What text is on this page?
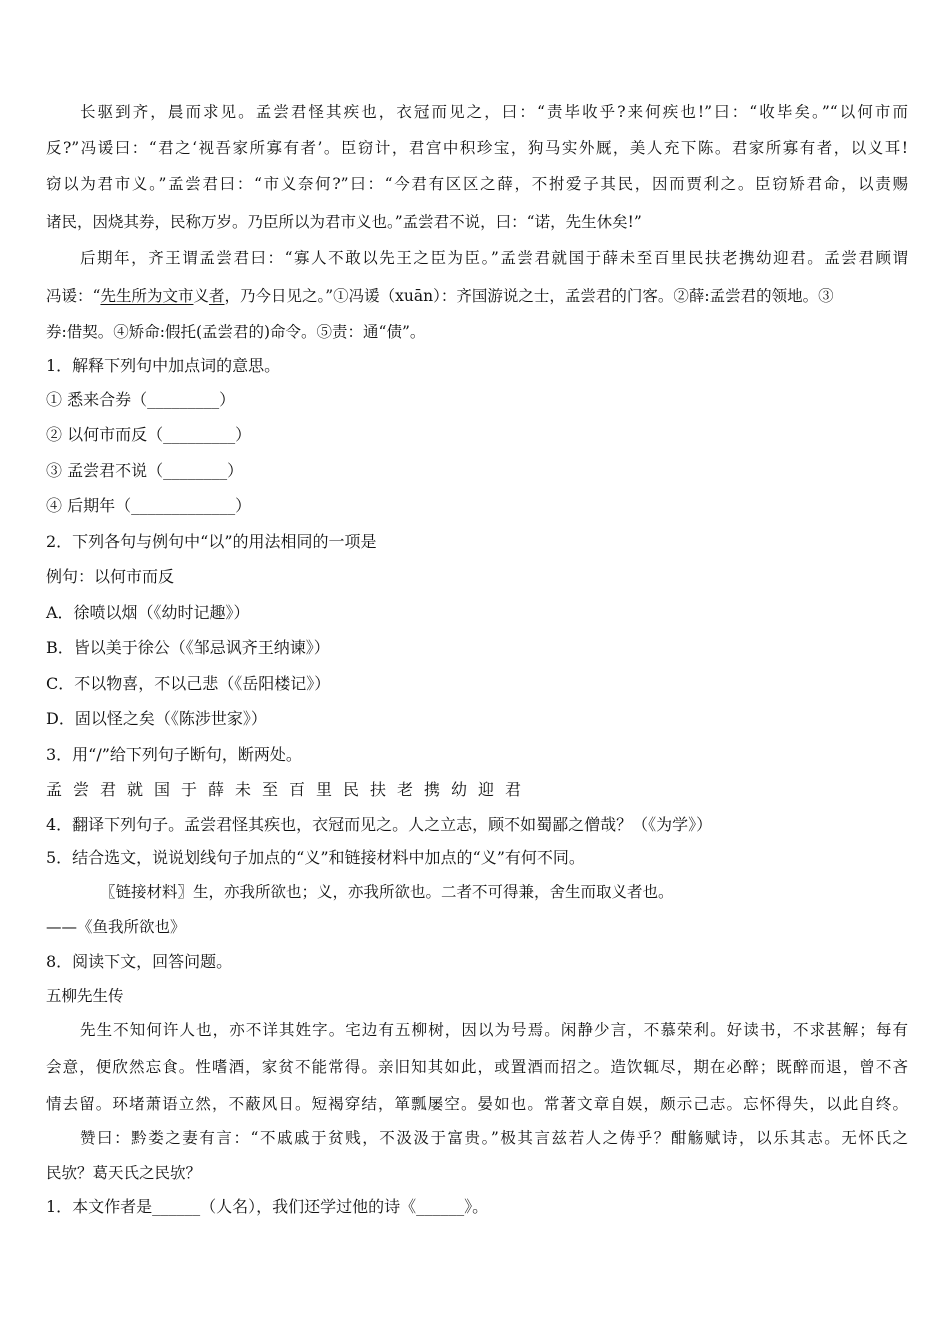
长驱到齐，晨而求见。孟尝君怪其疾也，衣冠而见之，曰：“责毕收乎?来何疾也!”曰：“收毕矣。”“以何市而
反?”冯谖曰：“君之‘视吾家所寡有者’。臣窃计，君宫中积珍宝，狗马实外厩，美人充下陈。君家所寡有者，以义耳!
窃以为君市义。”孟尝君曰：“市义奈何?”曰：“今君有区区之薛，不拊爱子其民，因而贾利之。臣窃矫君命，以责赐
诸民，因烧其券，民称万岁。乃臣所以为君市义也。”孟尝君不说，曰：“诺，先生休矣!”
后期年，齐王谓孟尝君曰：“寡人不敢以先王之臣为臣。”孟尝君就国于薛未至百里民扶老携幼迎君。孟尝君顾谓
冯谖：“先生所为文市义者，乃今日见之。”①冯谖（xuān）：齐国游说之士，孟尝君的门客。②薛:孟尝君的领地。③
券:借契。④矫命:假托(孟尝君的)命令。⑤责：通“债”。
1．解释下列句中加点词的意思。
① 悉来合券（_________）
② 以何市而反（_________）
③ 孟尝君不说（________）
④ 后期年（_____________）
2．下列各句与例句中“以”的用法相同的一项是
例句：以何市而反
A．徐喷以烟（《幼时记趣》）
B．皆以美于徐公（《邹忌讽齐王纳谏》）
C．不以物喜，不以己悲（《岳阳楼记》）
D．固以怪之矣（《陈涉世家》）
3．用“/”给下列句子断句，断两处。
孟尝君就国于薛未至百里民扶老携幼迎君
4．翻译下列句子。孟尝君怪其疾也，衣冠而见之。人之立志，顾不如蜀鄙之僧哉？（《为学》）
5．结合选文，说说划线句子加点的“义”和链接材料中加点的“义”有何不同。
〖链接材料〗生，亦我所欲也；义，亦我所欲也。二者不可得兼，舍生而取义者也。
——《鱼我所欲也》
8．阅读下文，回答问题。
五柳先生传
先生不知何许人也，亦不详其姓字。宅边有五柳树，因以为号焉。闲静少言，不慕荣利。好读书，不求甚解；每有
会意，便欣然忘食。性嗜酒，家贫不能常得。亲旧知其如此，或置酒而招之。造饮辄尽，期在必醉；既醉而退，曾不吝
情去留。环堵萧语立然，不蔽风日。短褐穿结，箪瓢屡空。晏如也。常著文章自娱，颇示己志。忘怀得失，以此自终。
赞曰：黔娄之妻有言：“不戚戚于贫贱，不汲汲于富贵。”极其言兹若人之俦乎？酣觞赋诗，以乐其志。无怀氏之
民欤？葛天氏之民欤？
1．本文作者是______（人名），我们还学过他的诗《______》。
